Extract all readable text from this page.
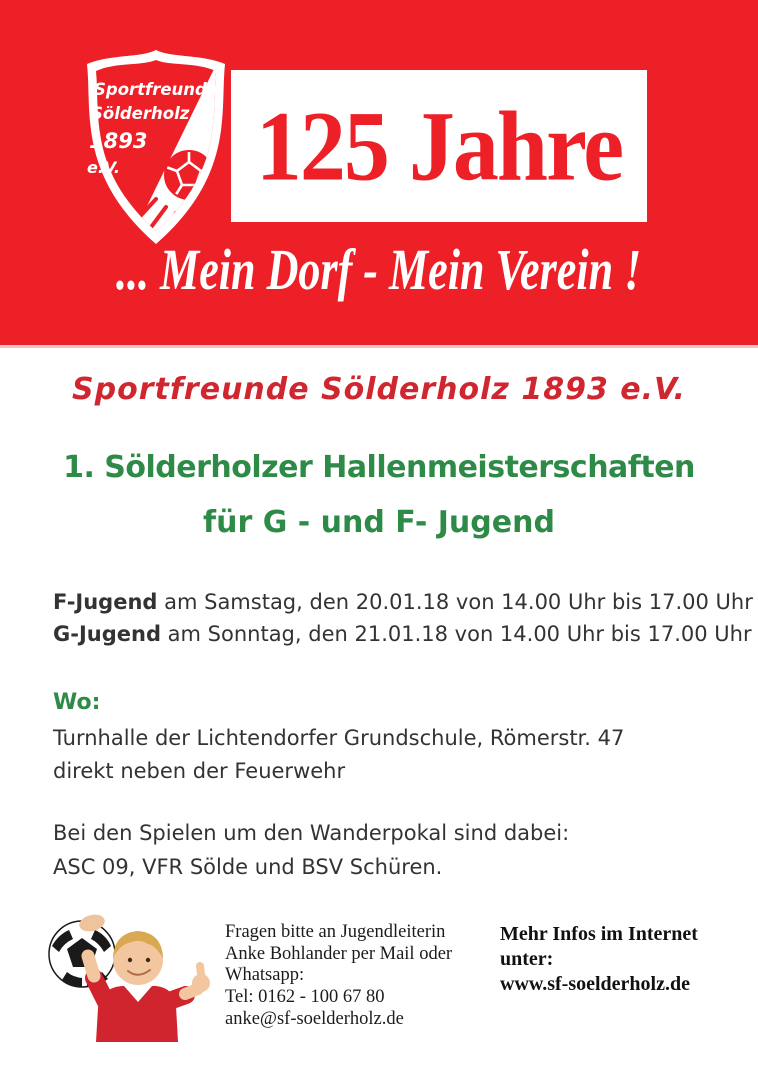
125 Jahre
Sportfreunde
Sölderholz
1893
e.V.
... Mein Dorf - Mein Verein !
Sportfreunde Sölderholz 1893 e.V.
1. Sölderholzer Hallenmeisterschaften
für G - und F- Jugend
F-Jugend am Samstag, den 20.01.18 von 14.00 Uhr bis 17.00 Uhr
G-Jugend am Sonntag, den 21.01.18 von 14.00 Uhr bis 17.00 Uhr
Wo:
Turnhalle der Lichtendorfer Grundschule, Römerstr. 47
direkt neben der Feuerwehr
Bei den Spielen um den Wanderpokal sind dabei:
ASC 09, VFR Sölde und BSV Schüren.
Fragen bitte an Jugendleiterin
Anke Bohlander per Mail oder
Whatsapp:
Tel: 0162 - 100 67 80
anke@sf-soelderholz.de
Mehr Infos im Internet
unter:
www.sf-soelderholz.de
